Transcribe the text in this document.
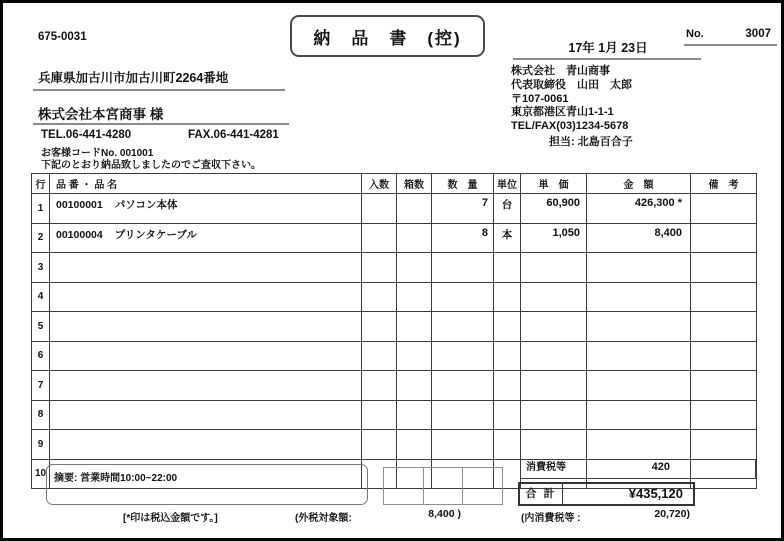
675-0031
兵庫県加古川市加古川町2264番地
株式会社本宮商事 様
TEL.06-441-4280	FAX.06-441-4281
お客様コードNo. 001001
下記のとおり納品致しましたのでご査収下さい。
納　品　書　(控)	No.	3007
17年 1月 23日

株式会社　青山商事

代表取締役　山田　太郎

〒107-0061

東京都港区青山1-1-1

TEL/FAX(03)1234-5678

担当: 北島百合子

行	品 番 ・ 品 名	入数	箱数	数　量	単位	単　価	金　額	備　考
1	00100001 パソコン本体			7	台	60,900	426,300 *	
2	00100004 プリンタケーブル			8	本	1,050	8,400	
3								
4								
5								
6								
7								
8								
9								
10								
消費税等	420
合 計	¥435,120
摘要: 営業時間10:00~22:00
[*印は税込金額です。]	(外税対象額:	8,400 )	(内消費税等 :	20,720)
